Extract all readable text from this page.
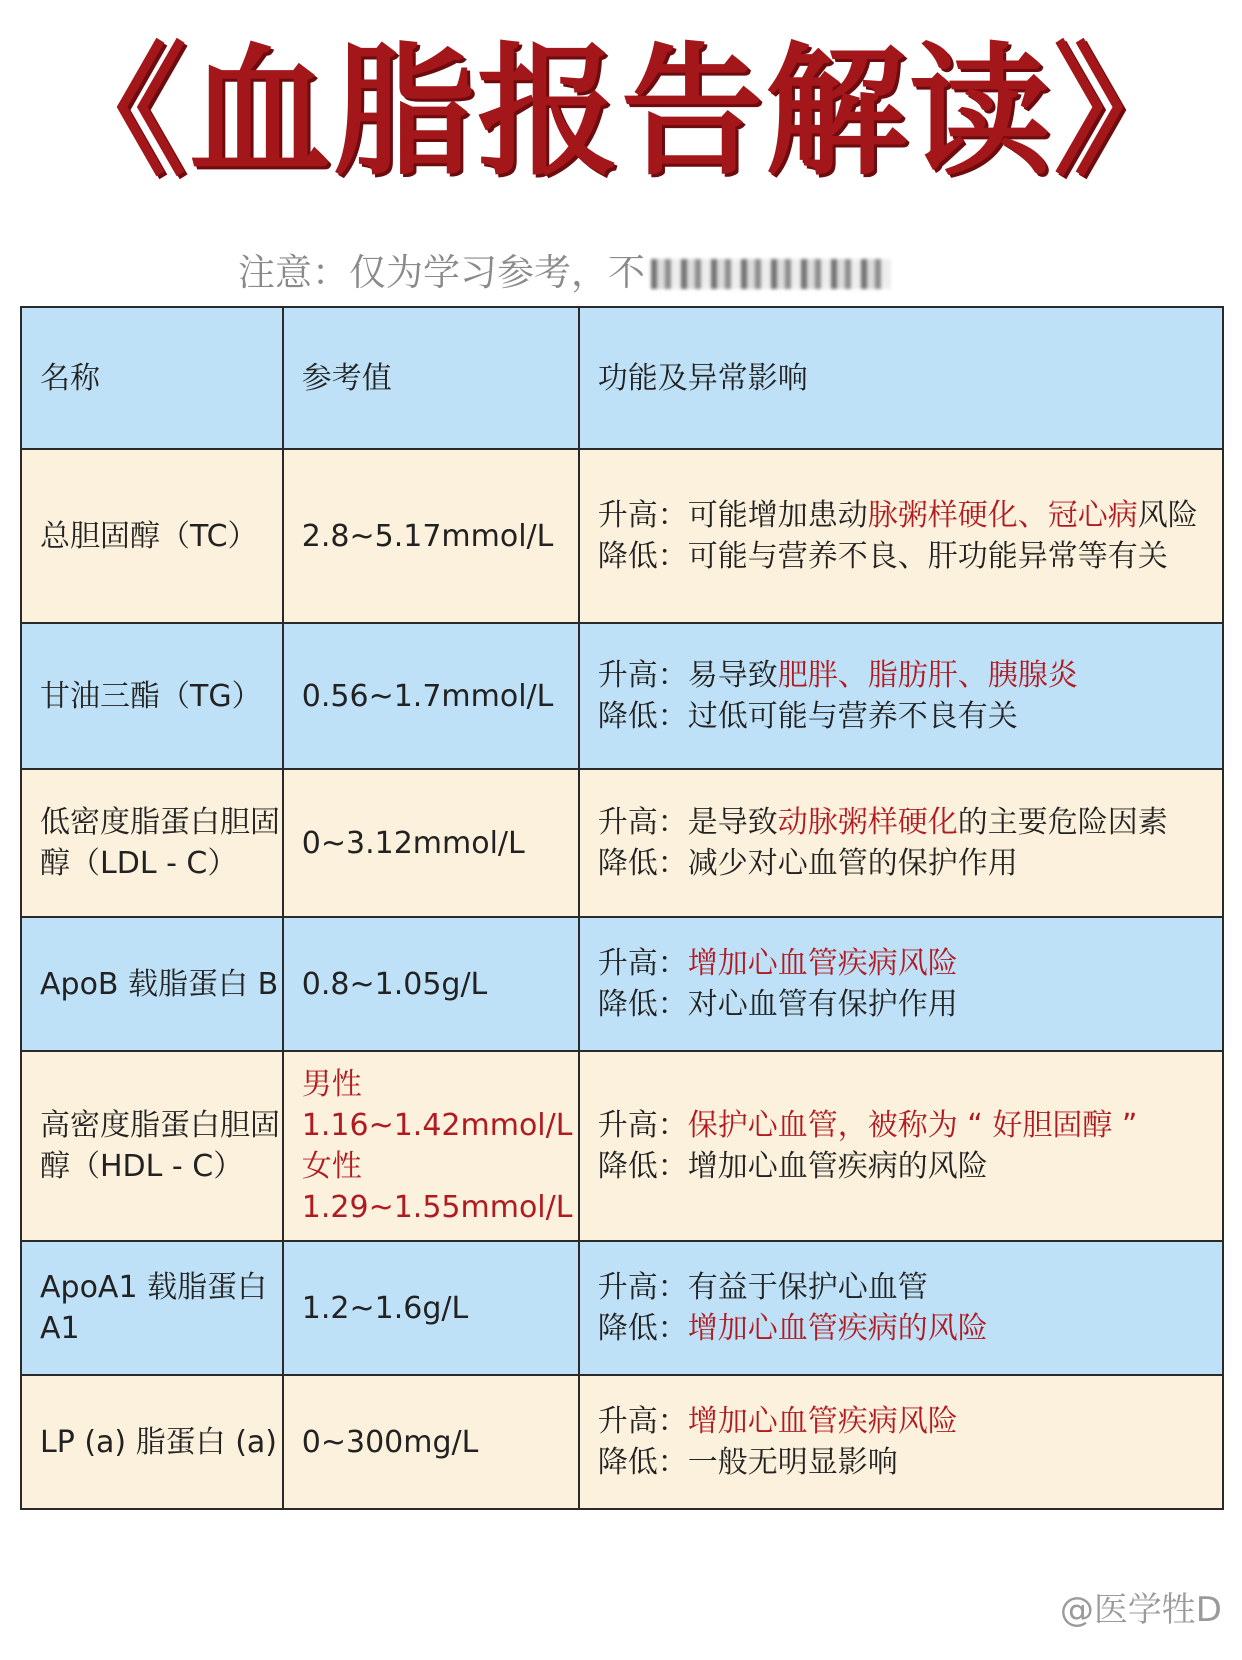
《血脂报告解读》
注意：仅为学习参考，不
名称	参考值	功能及异常影响
总胆固醇（TC）	2.8~5.17mmol/L	升高：可能增加患动脉粥样硬化、冠心病风险
降低：可能与营养不良、肝功能异常等有关

甘油三酯（TG）	0.56~1.7mmol/L	升高：易导致肥胖、脂肪肝、胰腺炎
降低：过低可能与营养不良有关

低密度脂蛋白胆固醇（LDL - C）	0~3.12mmol/L	升高：是导致动脉粥样硬化的主要危险因素
降低：减少对心血管的保护作用

ApoB 载脂蛋白 B	0.8~1.05g/L	升高：增加心血管疾病风险
降低：对心血管有保护作用

高密度脂蛋白胆固醇（HDL - C）	男性
1.16~1.42mmol/L
女性
1.29~1.55mmol/L	升高：保护心血管，被称为 “ 好胆固醇 ”
降低：增加心血管疾病的风险

ApoA1 载脂蛋白 A1	1.2~1.6g/L	升高：有益于保护心血管
降低：增加心血管疾病的风险

LP (a) 脂蛋白 (a)	0~300mg/L	升高：增加心血管疾病风险
降低：一般无明显影响
@医学牲D
